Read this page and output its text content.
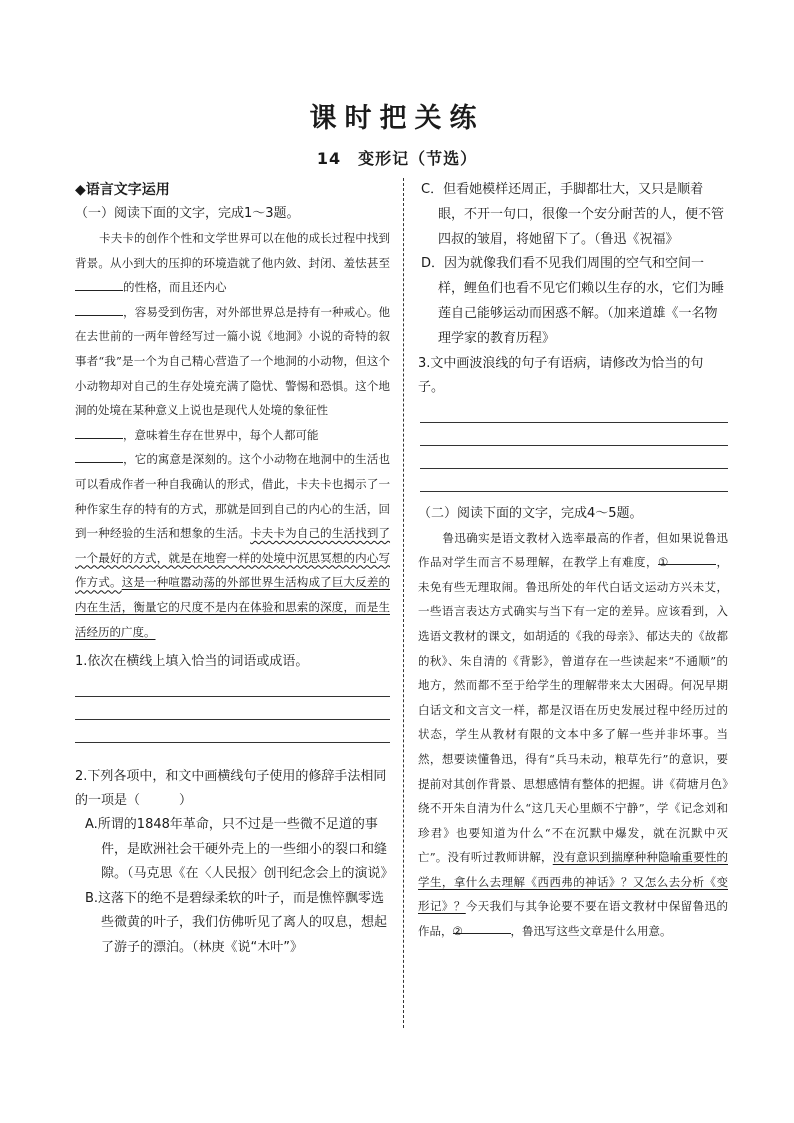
课时把关练
14　变形记（节选）
◆语言文字运用
（一）阅读下面的文字，完成1～3题。

卡夫卡的创作个性和文学世界可以在他的成长过程中找到背景。从小到大的压抑的环境造就了他内敛、封闭、羞怯甚至的性格，而且还内心
，容易受到伤害，对外部世界总是持有一种戒心。他在去世前的一两年曾经写过一篇小说《地洞》小说的奇特的叙事者“我”是一个为自己精心营造了一个地洞的小动物，但这个小动物却对自己的生存处境充满了隐忧、警惕和恐惧。这个地洞的处境在某种意义上说也是现代人处境的象征性
，意味着生存在世界中，每个人都可能
，它的寓意是深刻的。这个小动物在地洞中的生活也可以看成作者一种自我确认的形式，借此，卡夫卡也揭示了一种作家生存的特有的方式，那就是回到自己的内心的生活，回到一种经验的生活和想象的生活。卡夫卡为自己的生活找到了一个最好的方式，就是在地窖一样的处境中沉思冥想的内心写作方式。这是一种喧嚣动荡的外部世界生活构成了巨大反差的内在生活，衡量它的尺度不是内在体验和思索的深度，而是生活经历的广度。

1.依次在横线上填入恰当的词语或成语。

2.下列各项中，和文中画横线句子使用的修辞手法相同的一项是（　　　）

A.所谓的1848年革命，只不过是一些微不足道的事件，是欧洲社会干硬外壳上的一些细小的裂口和缝隙。（马克思《在〈人民报〉创刊纪念会上的演说》

B.这落下的绝不是碧绿柔软的叶子，而是憔悴飘零选些微黄的叶子，我们仿佛听见了离人的叹息，想起了游子的漂泊。（林庚《说“木叶”》

C．但看她模样还周正，手脚都壮大，又只是顺着眼，不开一句口，很像一个安分耐苦的人，便不管四叔的皱眉，将她留下了。（鲁迅《祝福》

D．因为就像我们看不见我们周围的空气和空间一样，鲤鱼们也看不见它们赖以生存的水，它们为睡莲自己能够运动而困惑不解。（加来道雄《一名物理学家的教育历程》

3.文中画波浪线的句子有语病，请修改为恰当的句子。

（二）阅读下面的文字，完成4～5题。

鲁迅确实是语文教材入选率最高的作者，但如果说鲁迅作品对学生而言不易理解，在教学上有难度，①	，未免有些无理取闹。鲁迅所处的年代白话文运动方兴未艾，一些语言表达方式确实与当下有一定的差异。应该看到，入选语文教材的课文，如胡适的《我的母亲》、郁达夫的《故都的秋》、朱自清的《背影》，曾道存在一些读起来“不通顺”的地方，然而都不至于给学生的理解带来太大困碍。何况早期白话文和文言文一样，都是汉语在历史发展过程中经历过的状态，学生从教材有限的文本中多了解一些并非坏事。当然，想要读懂鲁迅，得有“兵马未动，粮草先行”的意识，要提前对其创作背景、思想感情有整体的把握。讲《荷塘月色》绕不开朱自清为什么“这几天心里颇不宁静”，学《记念刘和珍君》也要知道为什么“不在沉默中爆发，就在沉默中灭亡”。没有听过教师讲解，没有意识到揣摩种种隐喻重要性的学生，拿什么去理解《西西弗的神话》？又怎么去分析《变形记》？今天我们与其争论要不要在语文教材中保留鲁迅的作品，②	，鲁迅写这些文章是什么用意。
